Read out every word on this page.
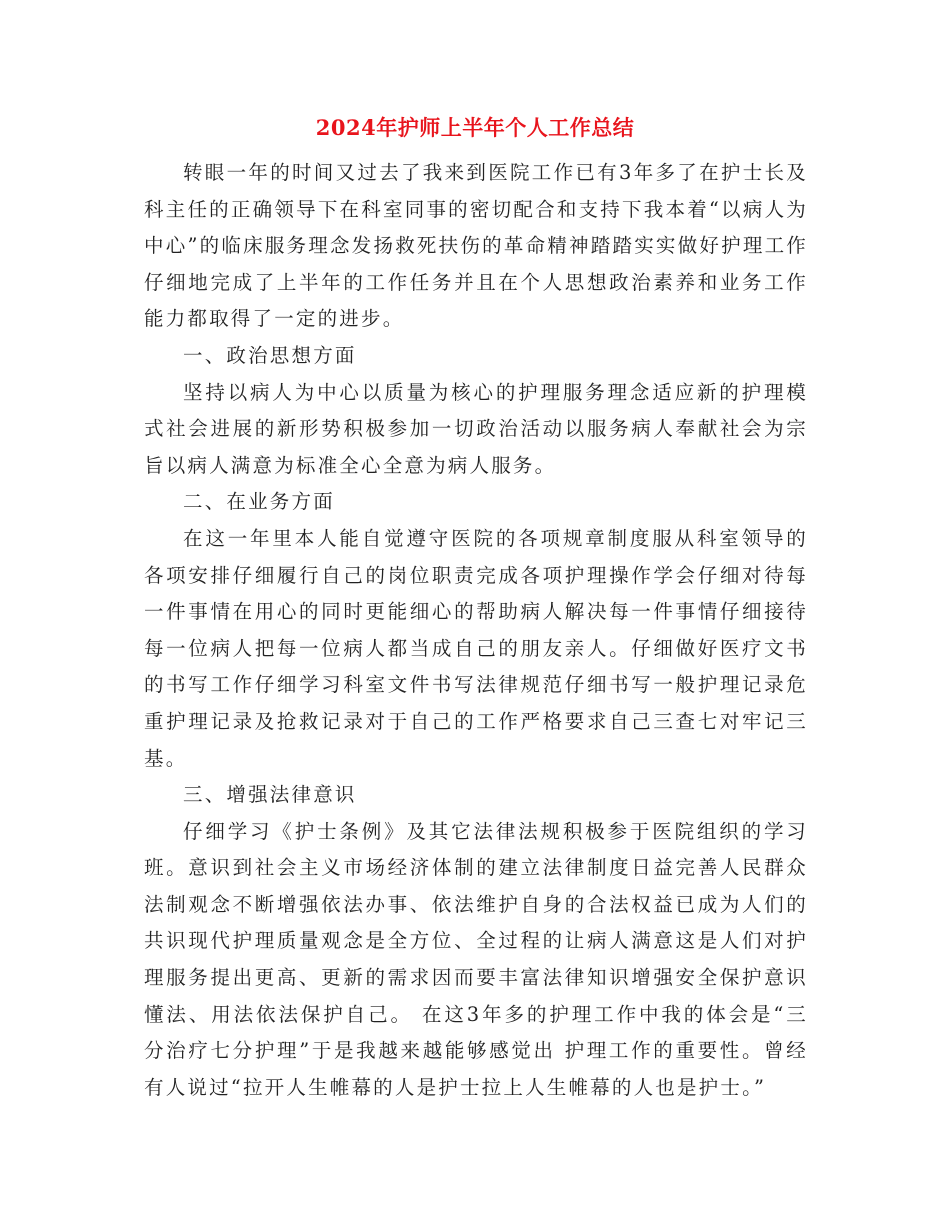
2024年护师上半年个人工作总结

转眼一年的时间又过去了我来到医院工作已有3年多了在护士长及科主任的正确领导下在科室同事的密切配合和支持下我本着“以病人为中心”的临床服务理念发扬救死扶伤的革命精神踏踏实实做好护理工作仔细地完成了上半年的工作任务并且在个人思想政治素养和业务工作能力都取得了一定的进步。

一、政治思想方面

坚持以病人为中心以质量为核心的护理服务理念适应新的护理模式社会进展的新形势积极参加一切政治活动以服务病人奉献社会为宗旨以病人满意为标准全心全意为病人服务。

二、在业务方面

在这一年里本人能自觉遵守医院的各项规章制度服从科室领导的各项安排仔细履行自己的岗位职责完成各项护理操作学会仔细对待每一件事情在用心的同时更能细心的帮助病人解决每一件事情仔细接待每一位病人把每一位病人都当成自己的朋友亲人。仔细做好医疗文书的书写工作仔细学习科室文件书写法律规范仔细书写一般护理记录危重护理记录及抢救记录对于自己的工作严格要求自己三查七对牢记三基。

三、增强法律意识

仔细学习《护士条例》及其它法律法规积极参于医院组织的学习班。意识到社会主义市场经济体制的建立法律制度日益完善人民群众法制观念不断增强依法办事、依法维护自身的合法权益已成为人们的共识现代护理质量观念是全方位、全过程的让病人满意这是人们对护理服务提出更高、更新的需求因而要丰富法律知识增强安全保护意识懂法、用法依法保护自己。 在这3年多的护理工作中我的体会是“三分治疗七分护理”于是我越来越能够感觉出 护理工作的重要性。曾经有人说过“拉开人生帷幕的人是护士拉上人生帷幕的人也是护士。”
